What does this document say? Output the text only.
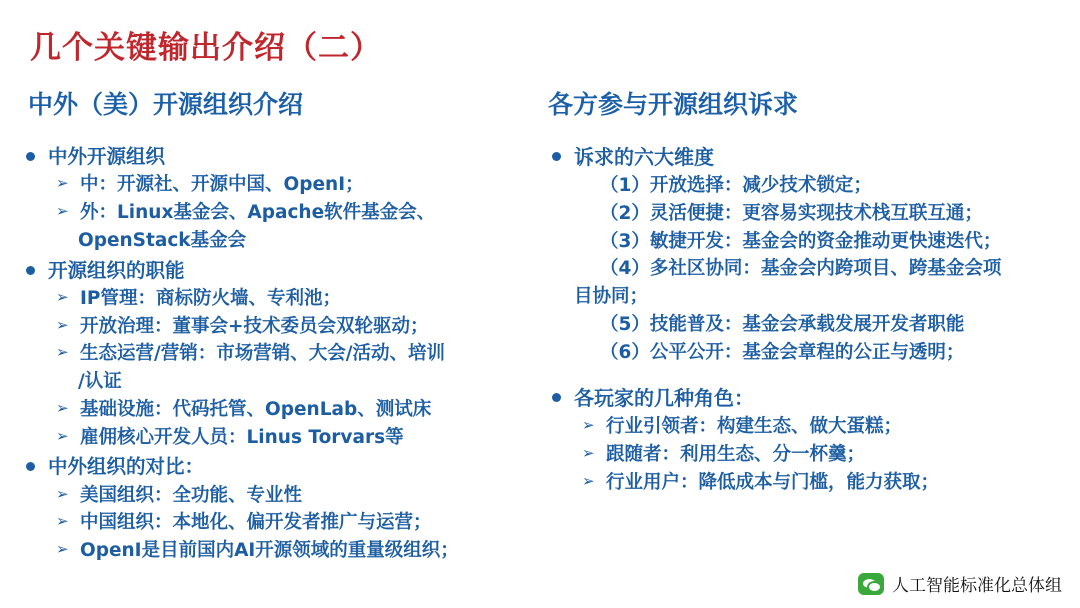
几个关键输出介绍（二）
中外（美）开源组织介绍
中外开源组织
➢ 中：开源社、开源中国、OpenI；
➢ 外：Linux基金会、Apache软件基金会、
OpenStack基金会
开源组织的职能
➢ IP管理：商标防火墙、专利池；
➢ 开放治理：董事会+技术委员会双轮驱动；
➢ 生态运营/营销：市场营销、大会/活动、培训
/认证
➢ 基础设施：代码托管、OpenLab、测试床
➢ 雇佣核心开发人员：Linus Torvars等
中外组织的对比：
➢ 美国组织：全功能、专业性
➢ 中国组织：本地化、偏开发者推广与运营；
➢ OpenI是目前国内AI开源领域的重量级组织；
各方参与开源组织诉求
诉求的六大维度
（1）开放选择：减少技术锁定；
（2）灵活便捷：更容易实现技术栈互联互通；
（3）敏捷开发：基金会的资金推动更快速迭代；
（4）多社区协同：基金会内跨项目、跨基金会项
目协同；
（5）技能普及：基金会承载发展开发者职能
（6）公平公开：基金会章程的公正与透明；
各玩家的几种角色：
➢ 行业引领者：构建生态、做大蛋糕；
➢ 跟随者：利用生态、分一杯羹；
➢ 行业用户：降低成本与门槛，能力获取；
人工智能标准化总体组
